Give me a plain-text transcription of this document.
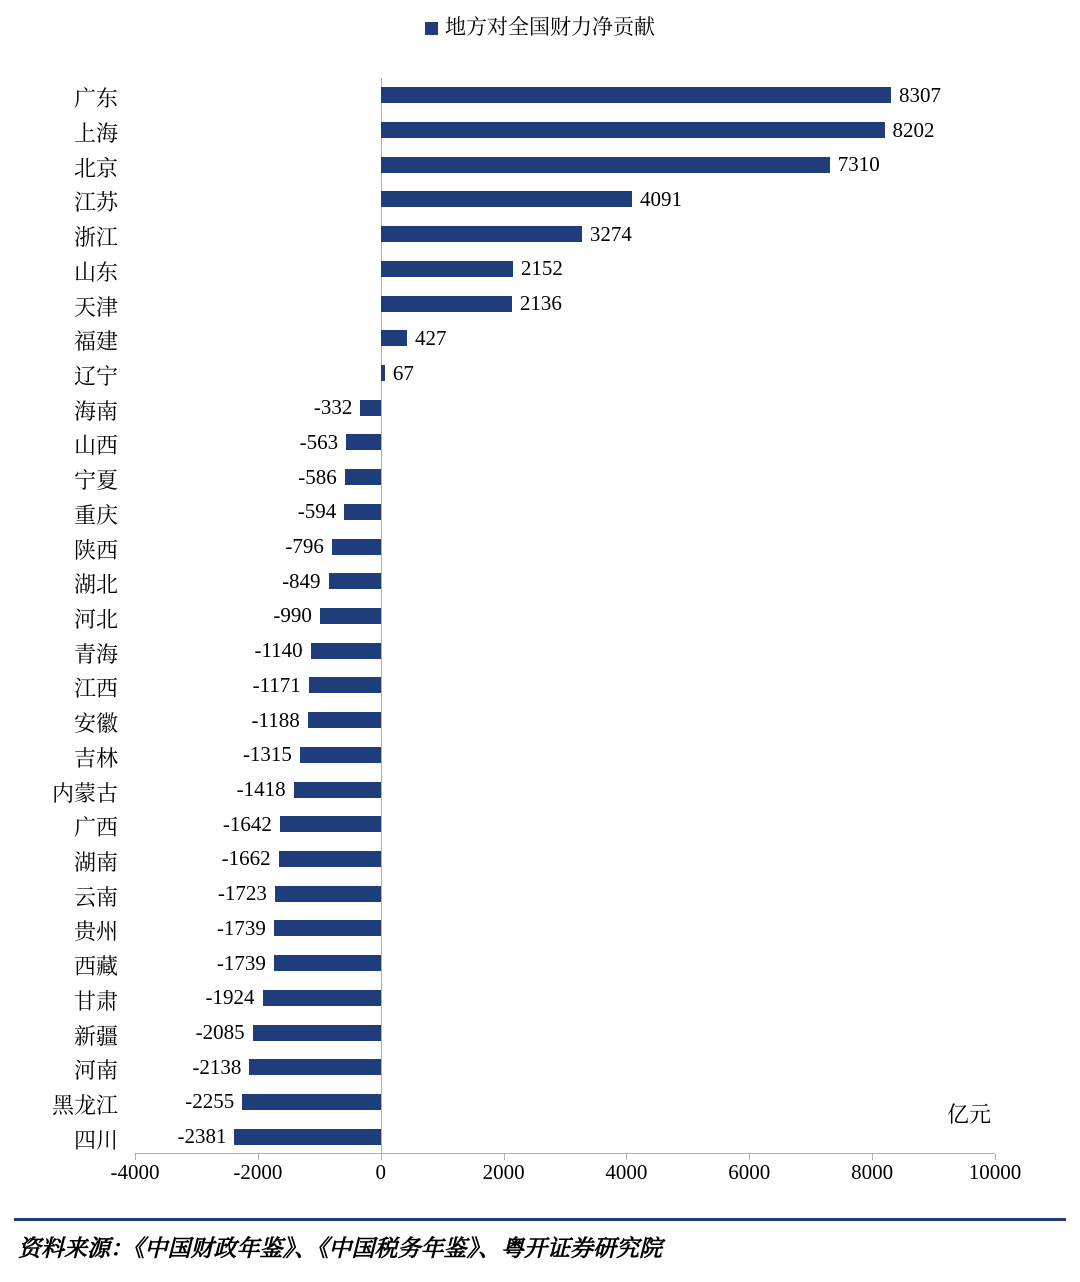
地方对全国财力净贡献
广东	8307
上海	8202
北京	7310
江苏	4091
浙江	3274
山东	2152
天津	2136
福建	427
辽宁	67
海南	-332
山西	-563
宁夏	-586
重庆	-594
陕西	-796
湖北	-849
河北	-990
青海	-1140
江西	-1171
安徽	-1188
吉林	-1315
内蒙古	-1418
广西	-1642
湖南	-1662
云南	-1723
贵州	-1739
西藏	-1739
甘肃	-1924
新疆	-2085
河南	-2138
黑龙江	-2255
四川	-2381
-4000	-2000	0	2000	4000	6000	8000	10000
亿元
资料来源：《中国财政年鉴》、《中国税务年鉴》、粤开证券研究院
